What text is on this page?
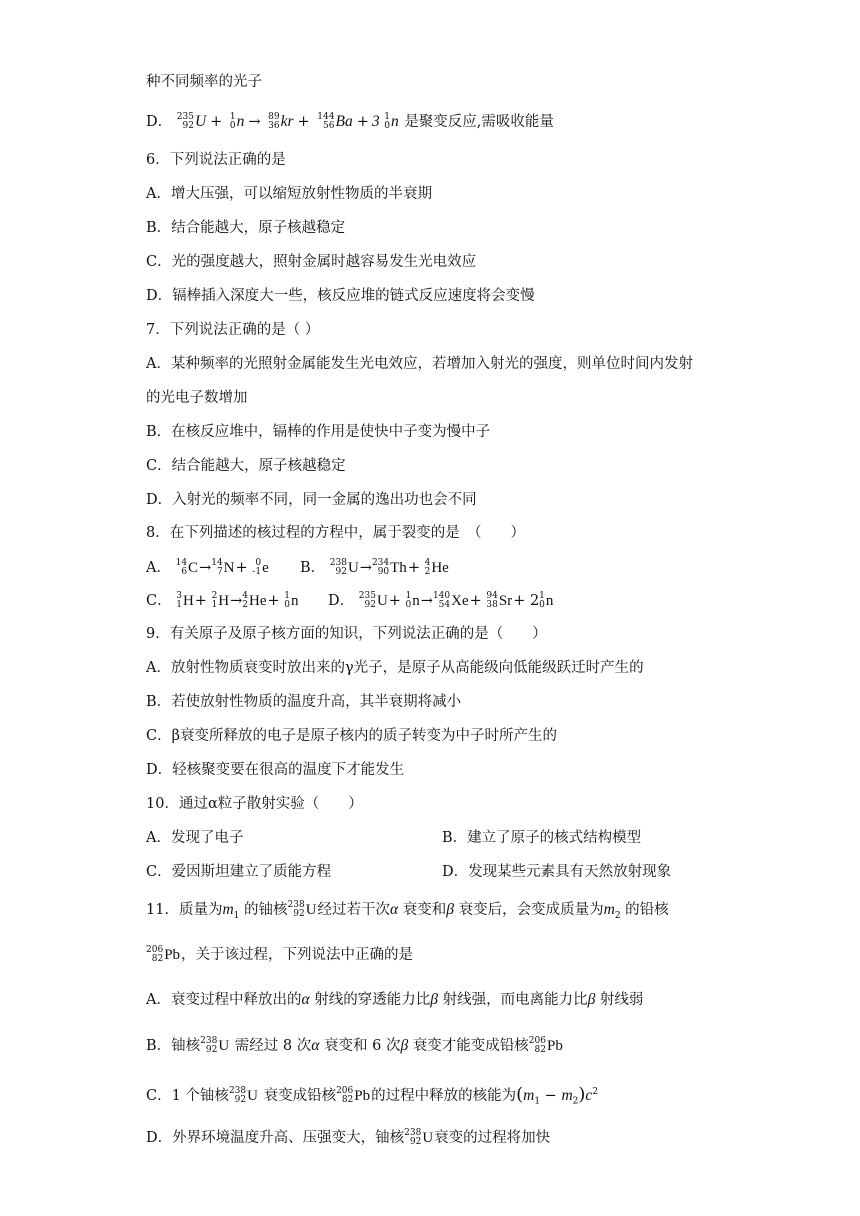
种不同频率的光子
D． 235
92 U + 1
0 n → 89
36 kr + 144
56 Ba + 3 1
0 n 是聚变反应,需吸收能量
6．下列说法正确的是
A．增大压强，可以缩短放射性物质的半衰期
B．结合能越大，原子核越稳定
C．光的强度越大，照射金属时越容易发生光电效应
D．镉棒插入深度大一些，核反应堆的链式反应速度将会变慢
7．下列说法正确的是（ ）
A．某种频率的光照射金属能发生光电效应，若增加入射光的强度，则单位时间内发射
的光电子数增加
B．在核反应堆中，镉棒的作用是使快中子变为慢中子
C．结合能越大，原子核越稳定
D．入射光的频率不同，同一金属的逸出功也会不同
8．在下列描述的核过程的方程中，属于裂变的是　（　　）
A． 14
6 C→ 14
7 N+ 0
-1 e B． 238
92 U→ 234
90 Th+ 4
2 He
C． 3
1 H+ 2
1 H→ 4
2 He+ 1
0 n D． 235
92 U+ 1
0 n→ 140
54 Xe+ 94
38 Sr+ 2 1
0 n
9．有关原子及原子核方面的知识，下列说法正确的是（　　）
A．放射性物质衰变时放出来的γ光子，是原子从高能级向低能级跃迁时产生的
B．若使放射性物质的温度升高，其半衰期将减小
C．β衰变所释放的电子是原子核内的质子转变为中子时所产生的
D．轻核聚变要在很高的温度下才能发生
10．通过α粒子散射实验（　　）
A．发现了电子	B．建立了原子的核式结构模型
C．爱因斯坦建立了质能方程	D．发现某些元素具有天然放射现象
11．质量为$m_1$ 的铀核 238
92 U经过若干次α 衰变和β 衰变后，会变成质量为$m_2$ 的铅核
206
82 Pb，关于该过程，下列说法中正确的是
A．衰变过程中释放出的α 射线的穿透能力比β 射线强，而电离能力比β 射线弱
B．铀核 238
92 U 需经过 8 次α 衰变和 6 次β 衰变才能变成铅核 206
82 Pb
C．1 个铀核 238
92 U 衰变成铅核 206
82 Pb的过程中释放的核能为$(m_1 - m_2)c^2$
D．外界环境温度升高、压强变大，铀核 238
92 U衰变的过程将加快
